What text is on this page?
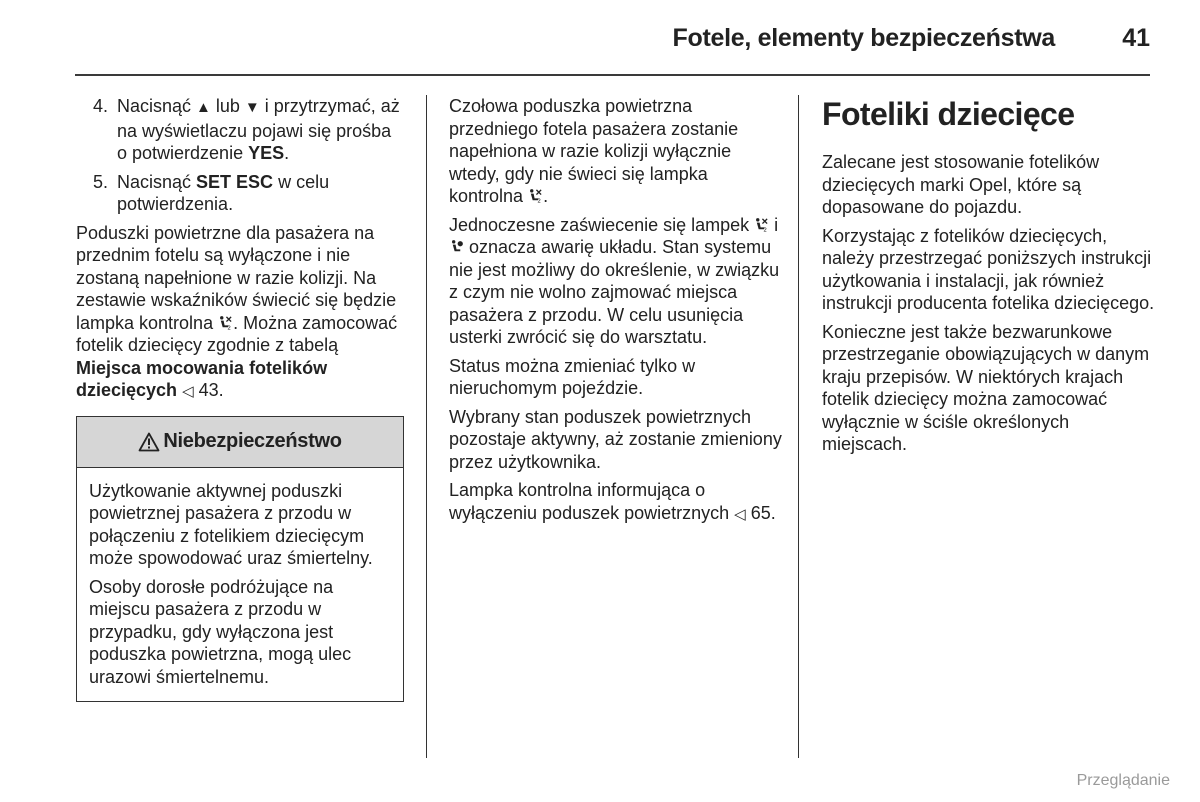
Fotele, elementy bezpieczeństwa	41
4. Nacisnąć ▲ lub ▼ i przytrzymać, aż na wyświetlaczu pojawi się prośba o potwierdzenie YES.
5. Nacisnąć SET ESC w celu potwierdzenia.

Poduszki powietrzne dla pasażera na przednim fotelu są wyłączone i nie zostaną napełnione w razie kolizji. Na zestawie wskaźników świecić się będzie lampka kontrolna 2 . Można zamocować fotelik dziecięcy zgodnie z tabelą Miejsca mocowania fotelików dziecięcych ◁ 43.

Niebezpieczeństwo

Użytkowanie aktywnej poduszki powietrznej pasażera z przodu w połączeniu z fotelikiem dziecięcym może spowodować uraz śmiertelny.

Osoby dorosłe podróżujące na miejscu pasażera z przodu w przypadku, gdy wyłączona jest poduszka powietrzna, mogą ulec urazowi śmiertelnemu.

Czołowa poduszka powietrzna przedniego fotela pasażera zostanie napełniona w razie kolizji wyłącznie wtedy, gdy nie świeci się lampka kontrolna 2 .

Jednoczesne zaświecenie się lampek 2 i  oznacza awarię układu. Stan systemu nie jest możliwy do określenie, w związku z czym nie wolno zajmować miejsca pasażera z przodu. W celu usunięcia usterki zwrócić się do warsztatu.

Status można zmieniać tylko w nieruchomym pojeździe.

Wybrany stan poduszek powietrznych pozostaje aktywny, aż zostanie zmieniony przez użytkownika.

Lampka kontrolna informująca o wyłączeniu poduszek powietrznych ◁ 65.

Foteliki dziecięce

Zalecane jest stosowanie fotelików dziecięcych marki Opel, które są dopasowane do pojazdu.

Korzystając z fotelików dziecięcych, należy przestrzegać poniższych instrukcji użytkowania i instalacji, jak również instrukcji producenta fotelika dziecięcego.

Konieczne jest także bezwarunkowe przestrzeganie obowiązujących w danym kraju przepisów. W niektórych krajach fotelik dziecięcy można zamocować wyłącznie w ściśle określonych miejscach.

Przeglądanie
